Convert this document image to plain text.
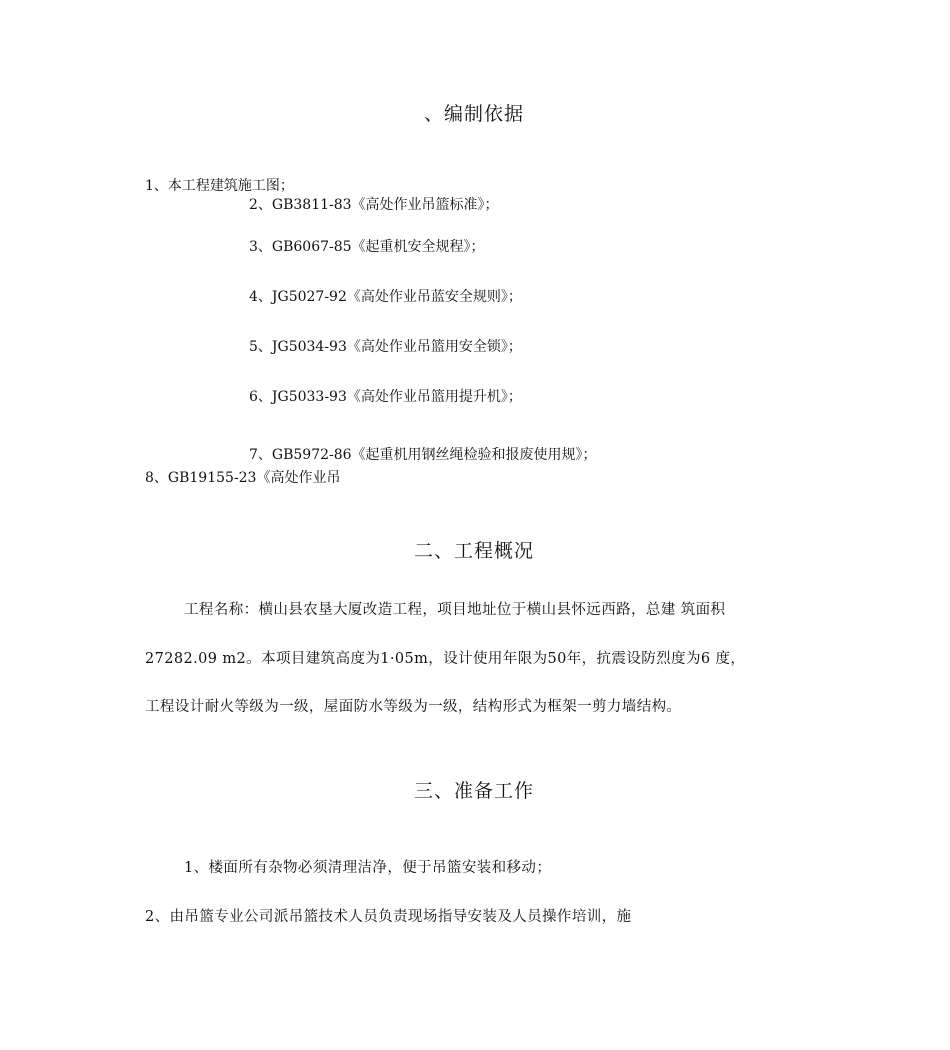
、编制依据
1、本工程建筑施工图；
2、GB3811-83《高处作业吊篮标准》；
3、GB6067-85《起重机安全规程》；
4、JG5027-92《高处作业吊蓝安全规则》；
5、JG5034-93《高处作业吊篮用安全锁》；
6、JG5033-93《高处作业吊篮用提升机》；
7、GB5972-86《起重机用钢丝绳检验和报废使用规》；
8、GB19155-23《高处作业吊
二、工程概况
工程名称：横山县农垦大厦改造工程，项目地址位于横山县怀远西路，总建 筑面积
27282.09 m2。本项目建筑高度为1·05m，设计使用年限为50年，抗震设防烈度为6 度，
工程设计耐火等级为一级，屋面防水等级为一级，结构形式为框架一剪力墙结构。
三、准备工作
1、楼面所有杂物必须清理洁净，便于吊篮安装和移动；
2、由吊篮专业公司派吊篮技术人员负责现场指导安装及人员操作培训，施
